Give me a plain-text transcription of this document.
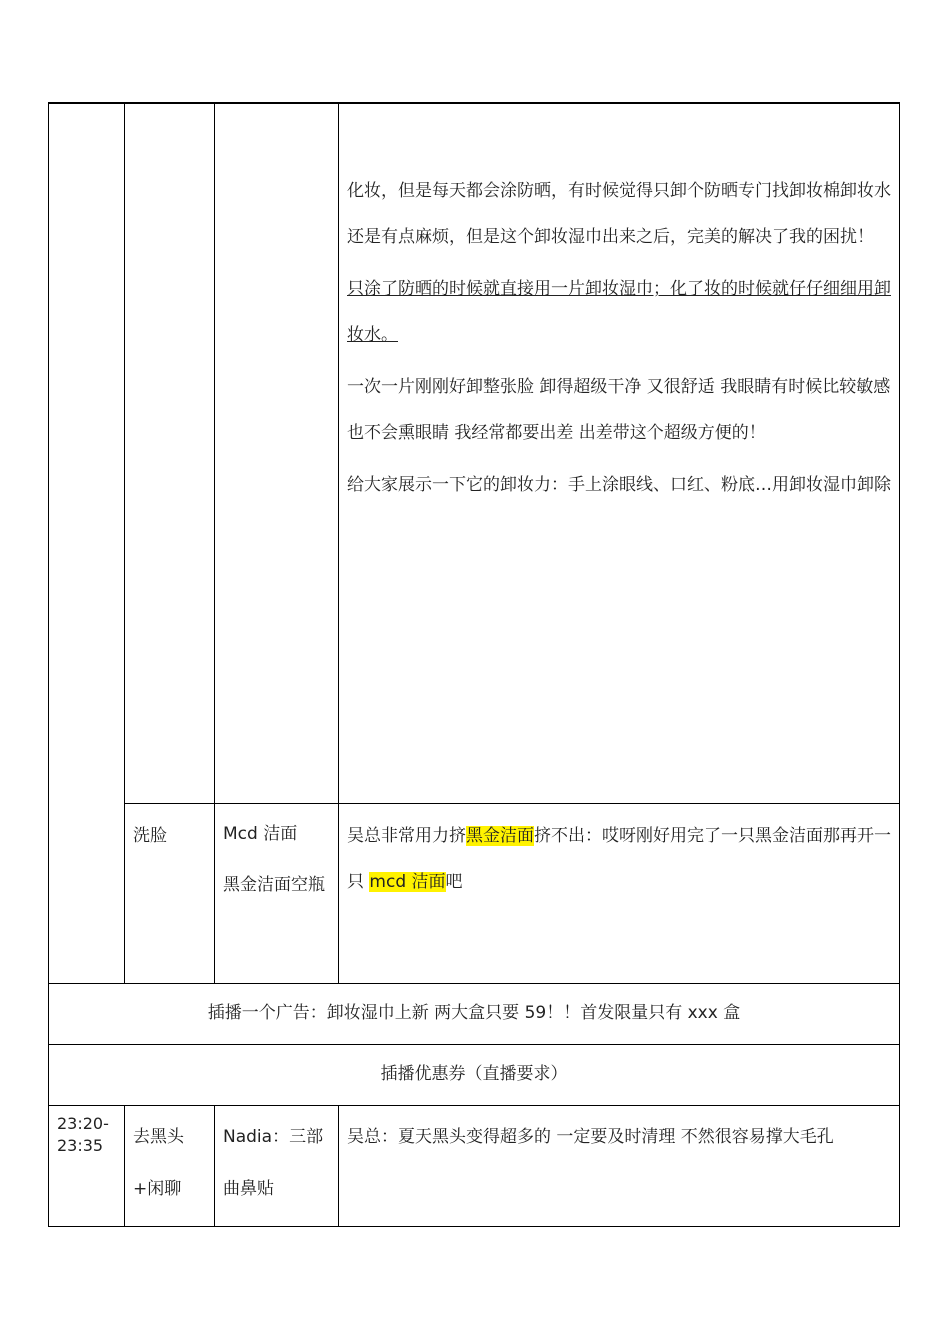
化妆，但是每天都会涂防晒，有时候觉得只卸个防晒专门找卸妆棉卸妆水还是有点麻烦，但是这个卸妆湿巾出来之后，完美的解决了我的困扰！

只涂了防晒的时候就直接用一片卸妆湿巾；化了妆的时候就仔仔细细用卸妆水。

一次一片刚刚好卸整张脸 卸得超级干净 又很舒适 我眼睛有时候比较敏感也不会熏眼睛 我经常都要出差 出差带这个超级方便的！

给大家展示一下它的卸妆力：手上涂眼线、口红、粉底…用卸妆湿巾卸除

洗脸	Mcd 洁面

黑金洁面空瓶

吴总非常用力挤黑金洁面挤不出：哎呀刚好用完了一只黑金洁面那再开一只 mcd 洁面吧

插播一个广告：卸妆湿巾上新 两大盒只要 59！！首发限量只有 xxx 盒
插播优惠券（直播要求）

23:20-23:35	去黑头+闲聊

Nadia：三部曲鼻贴

吴总：夏天黑头变得超多的 一定要及时清理 不然很容易撑大毛孔
